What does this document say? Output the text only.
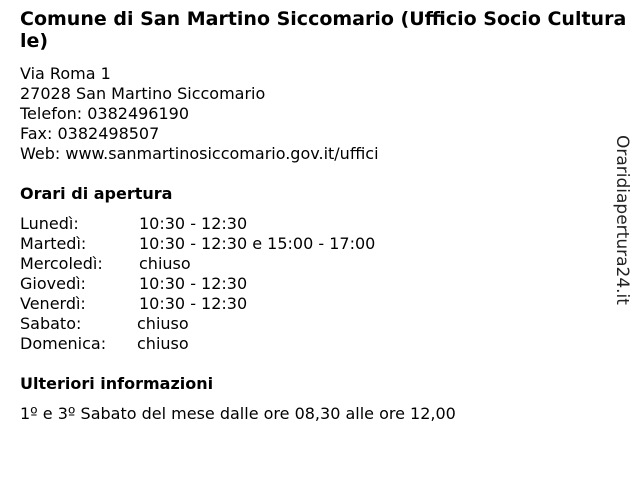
Comune di San Martino Siccomario (Ufficio Socio Culturale)
Via Roma 1
27028 San Martino Siccomario
Telefon: 0382496190
Fax: 0382498507
Web: www.sanmartinosiccomario.gov.it/uffici
Orari di apertura
Lunedì:	10:30 - 12:30
Martedì:	10:30 - 12:30 e 15:00 - 17:00
Mercoledì: chiuso
Giovedì:	10:30 - 12:30
Venerdì:	10:30 - 12:30
Sabato:	chiuso
Domenica: chiuso
Ulteriori informazioni
1º e 3º Sabato del mese dalle ore 08,30 alle ore 12,00
Oraridiapertura24.it
